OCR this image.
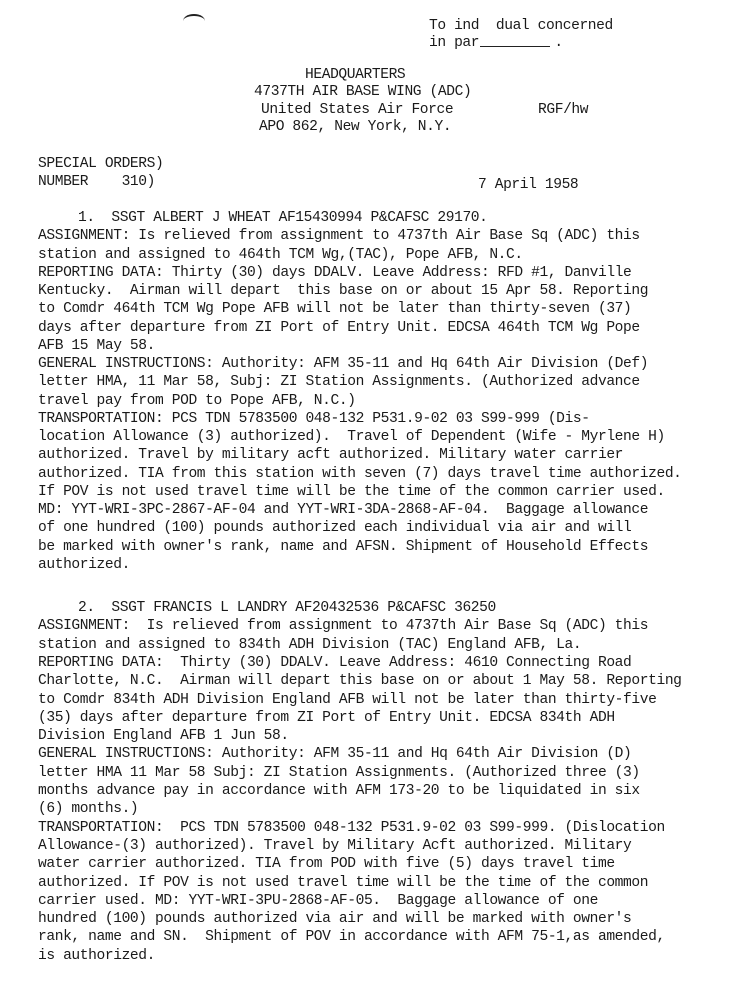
To ind  dual concerned
in par         .
HEADQUARTERS
4737TH AIR BASE WING (ADC)
United States Air Force	RGF/hw
APO 862, New York, N.Y.
SPECIAL ORDERS)
NUMBER    310)	7 April 1958
1.  SSGT ALBERT J WHEAT AF15430994 P&CAFSC 29170.
ASSIGNMENT: Is relieved from assignment to 4737th Air Base Sq (ADC) this
station and assigned to 464th TCM Wg,(TAC), Pope AFB, N.C.
REPORTING DATA: Thirty (30) days DDALV. Leave Address: RFD #1, Danville
Kentucky.  Airman will depart  this base on or about 15 Apr 58. Reporting
to Comdr 464th TCM Wg Pope AFB will not be later than thirty-seven (37)
days after departure from ZI Port of Entry Unit. EDCSA 464th TCM Wg Pope
AFB 15 May 58.
GENERAL INSTRUCTIONS: Authority: AFM 35-11 and Hq 64th Air Division (Def)
letter HMA, 11 Mar 58, Subj: ZI Station Assignments. (Authorized advance
travel pay from POD to Pope AFB, N.C.)
TRANSPORTATION: PCS TDN 5783500 048-132 P531.9-02 03 S99-999 (Dis-
location Allowance (3) authorized).  Travel of Dependent (Wife - Myrlene H)
authorized. Travel by military acft authorized. Military water carrier
authorized. TIA from this station with seven (7) days travel time authorized.
If POV is not used travel time will be the time of the common carrier used.
MD: YYT-WRI-3PC-2867-AF-04 and YYT-WRI-3DA-2868-AF-04.  Baggage allowance
of one hundred (100) pounds authorized each individual via air and will
be marked with owner's rank, name and AFSN. Shipment of Household Effects
authorized.
2.  SSGT FRANCIS L LANDRY AF20432536 P&CAFSC 36250
ASSIGNMENT:  Is relieved from assignment to 4737th Air Base Sq (ADC) this
station and assigned to 834th ADH Division (TAC) England AFB, La.
REPORTING DATA:  Thirty (30) DDALV. Leave Address: 4610 Connecting Road
Charlotte, N.C.  Airman will depart this base on or about 1 May 58. Reporting
to Comdr 834th ADH Division England AFB will not be later than thirty-five
(35) days after departure from ZI Port of Entry Unit. EDCSA 834th ADH
Division England AFB 1 Jun 58.
GENERAL INSTRUCTIONS: Authority: AFM 35-11 and Hq 64th Air Division (D)
letter HMA 11 Mar 58 Subj: ZI Station Assignments. (Authorized three (3)
months advance pay in accordance with AFM 173-20 to be liquidated in six
(6) months.)
TRANSPORTATION:  PCS TDN 5783500 048-132 P531.9-02 03 S99-999. (Dislocation
Allowance-(3) authorized). Travel by Military Acft authorized. Military
water carrier authorized. TIA from POD with five (5) days travel time
authorized. If POV is not used travel time will be the time of the common
carrier used. MD: YYT-WRI-3PU-2868-AF-05.  Baggage allowance of one
hundred (100) pounds authorized via air and will be marked with owner's
rank, name and SN.  Shipment of POV in accordance with AFM 75-1,as amended,
is authorized.
